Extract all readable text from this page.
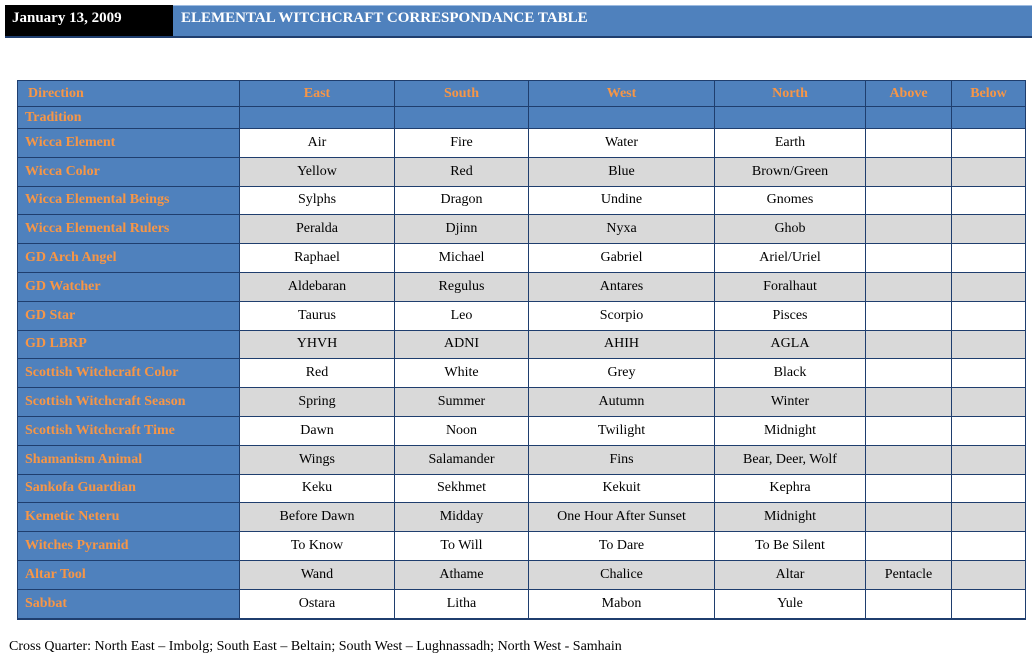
January 13, 2009	ELEMENTAL WITCHCRAFT CORRESPONDANCE TABLE
Direction	East	South	West	North	Above	Below
Tradition						
Wicca Element	Air	Fire	Water	Earth		
Wicca Color	Yellow	Red	Blue	Brown/Green		
Wicca Elemental Beings	Sylphs	Dragon	Undine	Gnomes		
Wicca Elemental Rulers	Peralda	Djinn	Nyxa	Ghob		
GD Arch Angel	Raphael	Michael	Gabriel	Ariel/Uriel		
GD Watcher	Aldebaran	Regulus	Antares	Foralhaut		
GD Star	Taurus	Leo	Scorpio	Pisces		
GD LBRP	YHVH	ADNI	AHIH	AGLA		
Scottish Witchcraft Color	Red	White	Grey	Black		
Scottish Witchcraft Season	Spring	Summer	Autumn	Winter		
Scottish Witchcraft Time	Dawn	Noon	Twilight	Midnight		
Shamanism Animal	Wings	Salamander	Fins	Bear, Deer, Wolf		
Sankofa Guardian	Keku	Sekhmet	Kekuit	Kephra		
Kemetic Neteru	Before Dawn	Midday	One Hour After Sunset	Midnight		
Witches Pyramid	To Know	To Will	To Dare	To Be Silent		
Altar Tool	Wand	Athame	Chalice	Altar	Pentacle	
Sabbat	Ostara	Litha	Mabon	Yule		
Cross Quarter: North East – Imbolg; South East – Beltain; South West – Lughnassadh; North West - Samhain
